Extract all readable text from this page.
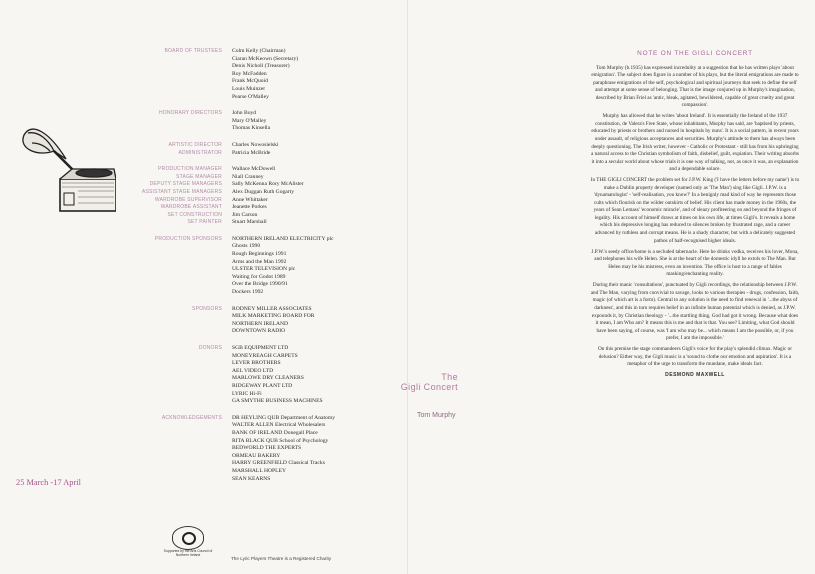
BOARD OF TRUSTEES Colm Kelly (Chairman)
Ciaran McKeown (Secretary)
Denis Nicholl (Treasurer)
Roy McFadden
Frank McQuoid
Louis Muinzer
Pearse O'Malley
HONORARY DIRECTORS John Boyd
Mary O'Malley
Thomas Kinsella
ARTISTIC DIRECTOR
ADMINISTRATOR
Charles Nowosielski
Patricia McBride
PRODUCTION MANAGER
STAGE MANAGER
DEPUTY STAGE MANAGERS
ASSISTANT STAGE MANAGERS
WARDROBE SUPERVISOR
WARDROBE ASSISTANT
SET CONSTRUCTION
SET PAINTER
Wallace McDowell
Niall Cranney
Sally McKenna Rory McAlister
Alex Duggan Ruth Gogarty
Anne Whittaker
Jeanette Porkes
Jim Carson
Stuart Marshall
PRODUCTION SPONSORS NORTHERN IRELAND ELECTRICITY plc
Ghosts 1990
Rough Beginnings 1991
Arms and the Man 1992
ULSTER TELEVISION plc
Waiting for Godot 1989
Over the Bridge 1990/91
Dockers 1992
SPONSORS RODNEY MILLER ASSOCIATES
MILK MARKETING BOARD FOR
NORTHERN IRELAND
DOWNTOWN RADIO
DONORS SGB EQUIPMENT LTD
MONEYREAGH CARPETS
LEVER BROTHERS
AEL VIDEO LTD
MARLOWE DRY CLEANERS
RIDGEWAY PLANT LTD
LYRIC Hi-Fi
GA SMYTHE BUSINESS MACHINES
ACKNOWLEDGEMENTS DR HEYLING QUB Department of Anatomy
WALTER ALLEN Electrical Wholesalers
BANK OF IRELAND Donegall Place
RITA BLACK QUB School of Psychology
BEDWORLD THE EXPERTS
ORMEAU BAKERY
HARRY GREENFIELD Classical Tracks
MARSHALL HOPLEY
SEAN KEARNS
25 March -17 April
Supported by the Arts Council of Northern Ireland
The Lyric Players Theatre is a Registered Charity
The
Gigli Concert
Tom Murphy
NOTE ON THE GIGLI CONCERT

Tom Murphy (b.1935) has expressed incredulity at a suggestion that he has written plays 'about emigration'. The subject does figure in a number of his plays, but the literal emigrations are made to paraphrase emigrations of the self, psychological and spiritual journeys that seek to define the self and attempt at some sense of belonging. That is the image conjured up in Murphy's imagination, described by Brian Friel as 'antic, bleak, agitated, bewildered, capable of great cruelty and great compassion'.

Murphy has allowed that he writes 'about Ireland'. It is essentially the Ireland of the 1937 constitution, de Valera's Free State, whose inhabitants, Murphy has said, are 'baptised by priests, educated by priests or brothers and nursed in hospitals by nuns'. It is a social pattern, in recent years under assault, of religious acceptances and securities. Murphy's attitude to them has always been deeply questioning. The Irish writer, however - Catholic or Protestant - still has from his upbringing a natural access to the Christian symbolism of faith, disbelief, guilt, expiation. Their writing absorbs it into a secular world about whose trials it is one way of talking, not, as once it was, an explanation and a dependable solace.

In THE GIGLI CONCERT the problem set for J.P.W. King ('I have the letters before my name') is to make a Dublin property developer (named only as 'The Man') sing like Gigli. J.P.W. is a 'dynamatologist' - 'self-realisation, you know?' In a benignly mad kind of way he represents those cults which flourish on the wilder outskirts of belief. His client has made money in the 1960s, the years of Sean Lemass' 'economic miracle', and of sleazy profiteering on and beyond the fringes of legality. His account of himself draws at times on his own life, at times Gigli's. It reveals a home which his depressive longing has reduced to silences broken by frustrated rage, and a career advanced by ruthless and corrupt means. He is a shady character, but with a delicately suggested pathos of half-recognised higher ideals.

J.P.W.'s seedy office/home is a secluded tabernacle. Here he drinks vodka, receives his lover, Mona, and telephones his wife Helen. She is at the heart of the domestic idyll he extols to The Man. But Helen may be his mistress, even an invention. The office is host to a range of fables masking/enchanting reality.

During their manic 'consultations', punctuated by Gigli recordings, the relationship between J.P.W. and The Man, varying from convivial to savage, looks to various therapies - drugs, confession, faith, magic (of which art is a form). Central to any solution is the need to find renewal in '...the abyss of darkness', and this in turn requires belief in an infinite human potential which is denied, as J.P.W. expounds it, by Christian theology - '...the startling thing, God had got it wrong. Because what does it mean, I am Who am? It means this is me and that is that. You see? Limiting, what God should have been saying, of course, was 'I am who may be... which means I am the possible, or, if you prefer, I am the impossible.'

On this premise the stage commandeers Gigli's voice for the play's splendid climax. Magic or delusion? Either way, the Gigli music is a 'sound to clothe our emotion and aspiration'. It is a metaphor of the urge to transform the mundane, make ideals fact.

DESMOND MAXWELL
